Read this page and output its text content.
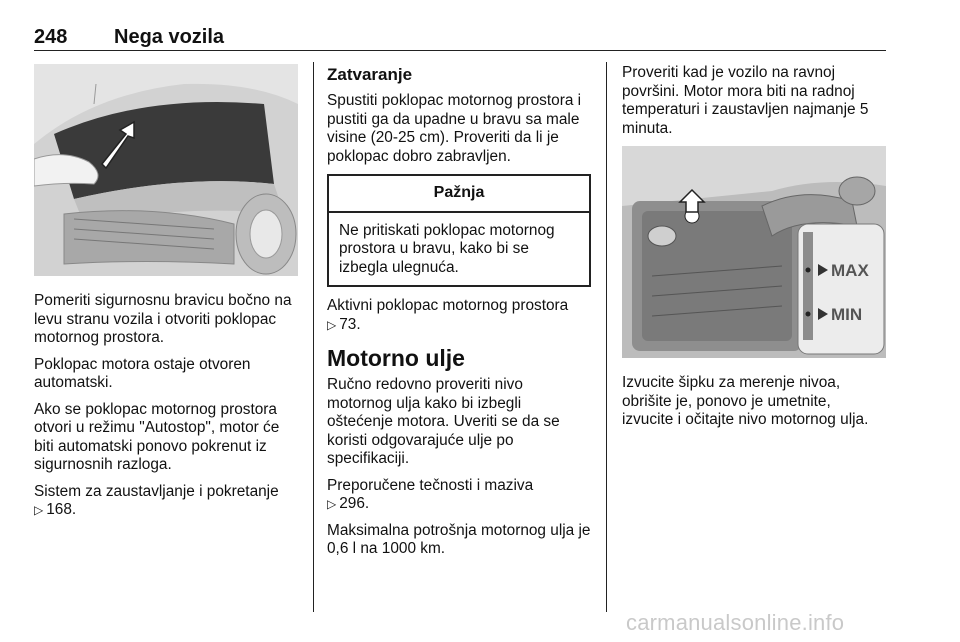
248 Nega vozila

Pomeriti sigurnosnu bravicu bočno na levu stranu vozila i otvoriti poklopac motornog prostora.

Poklopac motora ostaje otvoren automatski.

Ako se poklopac motornog prostora otvori u režimu "Autostop", motor će biti automatski ponovo pokrenut iz sigurnosnih razloga.

Sistem za zaustavljanje i pokretanje
▷ 168.

Zatvaranje

Spustiti poklopac motornog prostora i pustiti ga da upadne u bravu sa male visine (20-25 cm). Proveriti da li je poklopac dobro zabravljen.

Pažnja
Ne pritiskati poklopac motornog prostora u bravu, kako bi se izbegla ulegnuća.

Aktivni poklopac motornog prostora
▷ 73.

Motorno ulje

Ručno redovno proveriti nivo motornog ulja kako bi izbegli oštećenje motora. Uveriti se da se koristi odgovarajuće ulje po specifikaciji.

Preporučene tečnosti i maziva
▷ 296.

Maksimalna potrošnja motornog ulja je 0,6 l na 1000 km.

Proveriti kad je vozilo na ravnoj površini. Motor mora biti na radnoj temperaturi i zaustavljen najmanje 5 minuta.

MAX
MIN

Izvucite šipku za merenje nivoa, obrišite je, ponovo je umetnite, izvucite i očitajte nivo motornog ulja.

carmanualsonline.info
